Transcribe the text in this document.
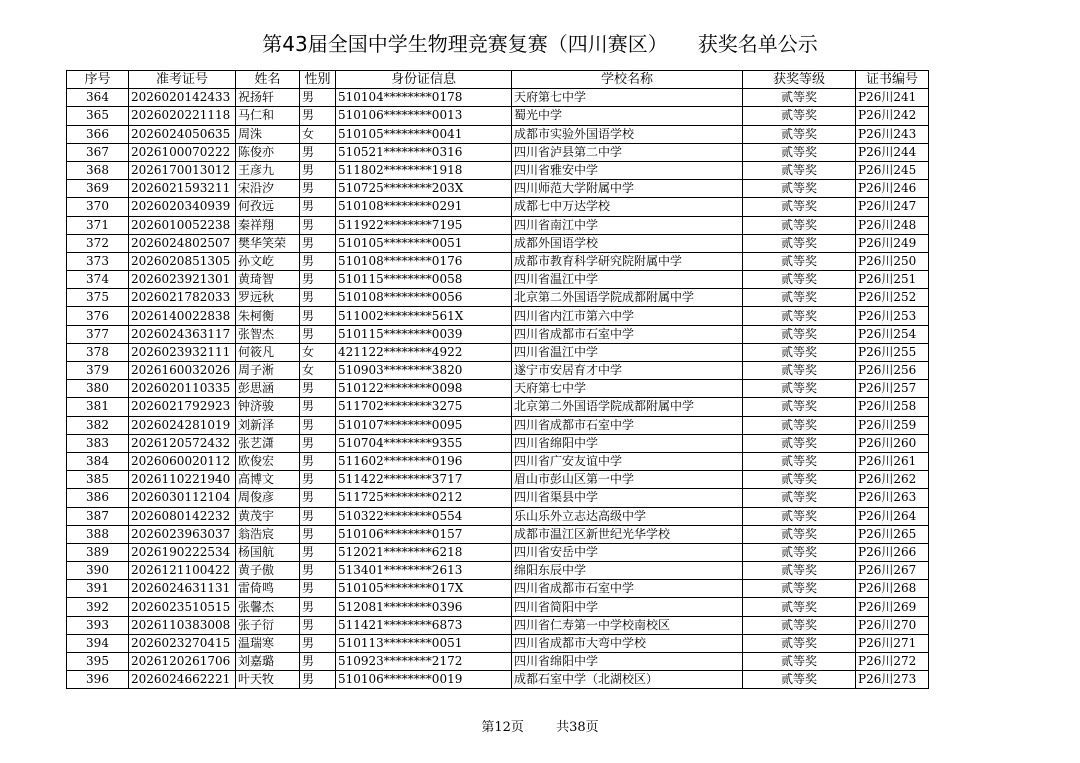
第43届全国中学生物理竞赛复赛（四川赛区）　　获奖名单公示
序号	准考证号	姓名	性别	身份证信息	学校名称	获奖等级	证书编号
364	2026020142433	祝扬轩	男	510104********0178	天府第七中学	贰等奖	P26川241
365	2026020221118	马仁和	男	510106********0013	蜀光中学	贰等奖	P26川242
366	2026024050635	周洙	女	510105********0041	成都市实验外国语学校	贰等奖	P26川243
367	2026100070222	陈俊亦	男	510521********0316	四川省泸县第二中学	贰等奖	P26川244
368	2026170013012	王彦九	男	511802********1918	四川省雅安中学	贰等奖	P26川245
369	2026021593211	宋沿汐	男	510725********203X	四川师范大学附属中学	贰等奖	P26川246
370	2026020340939	何孜远	男	510108********0291	成都七中万达学校	贰等奖	P26川247
371	2026010052238	秦祥翔	男	511922********7195	四川省南江中学	贰等奖	P26川248
372	2026024802507	樊华笑荣	男	510105********0051	成都外国语学校	贰等奖	P26川249
373	2026020851305	孙文屹	男	510108********0176	成都市教育科学研究院附属中学	贰等奖	P26川250
374	2026023921301	黄琦智	男	510115********0058	四川省温江中学	贰等奖	P26川251
375	2026021782033	罗远秋	男	510108********0056	北京第二外国语学院成都附属中学	贰等奖	P26川252
376	2026140022838	朱柯衡	男	511002********561X	四川省内江市第六中学	贰等奖	P26川253
377	2026024363117	张智杰	男	510115********0039	四川省成都市石室中学	贰等奖	P26川254
378	2026023932111	何筱凡	女	421122********4922	四川省温江中学	贰等奖	P26川255
379	2026160032026	周子淅	女	510903********3820	遂宁市安居育才中学	贰等奖	P26川256
380	2026020110335	彭思涵	男	510122********0098	天府第七中学	贰等奖	P26川257
381	2026021792923	钟济骏	男	511702********3275	北京第二外国语学院成都附属中学	贰等奖	P26川258
382	2026024281019	刘新泽	男	510107********0095	四川省成都市石室中学	贰等奖	P26川259
383	2026120572432	张艺潇	男	510704********9355	四川省绵阳中学	贰等奖	P26川260
384	2026060020112	欧俊宏	男	511602********0196	四川省广安友谊中学	贰等奖	P26川261
385	2026110221940	高博文	男	511422********3717	眉山市彭山区第一中学	贰等奖	P26川262
386	2026030112104	周俊彦	男	511725********0212	四川省渠县中学	贰等奖	P26川263
387	2026080142232	黄茂宇	男	510322********0554	乐山乐外立志达高级中学	贰等奖	P26川264
388	2026023963037	翁浩宸	男	510106********0157	成都市温江区新世纪光华学校	贰等奖	P26川265
389	2026190222534	杨国航	男	512021********6218	四川省安岳中学	贰等奖	P26川266
390	2026121100422	黄子傲	男	513401********2613	绵阳东辰中学	贰等奖	P26川267
391	2026024631131	雷倚鸣	男	510105********017X	四川省成都市石室中学	贰等奖	P26川268
392	2026023510515	张馨杰	男	512081********0396	四川省简阳中学	贰等奖	P26川269
393	2026110383008	张子衍	男	511421********6873	四川省仁寿第一中学校南校区	贰等奖	P26川270
394	2026023270415	温瑞寒	男	510113********0051	四川省成都市大弯中学校	贰等奖	P26川271
395	2026120261706	刘嘉璐	男	510923********2172	四川省绵阳中学	贰等奖	P26川272
396	2026024662221	叶天牧	男	510106********0019	成都石室中学（北湖校区）	贰等奖	P26川273
第12页 共38页
